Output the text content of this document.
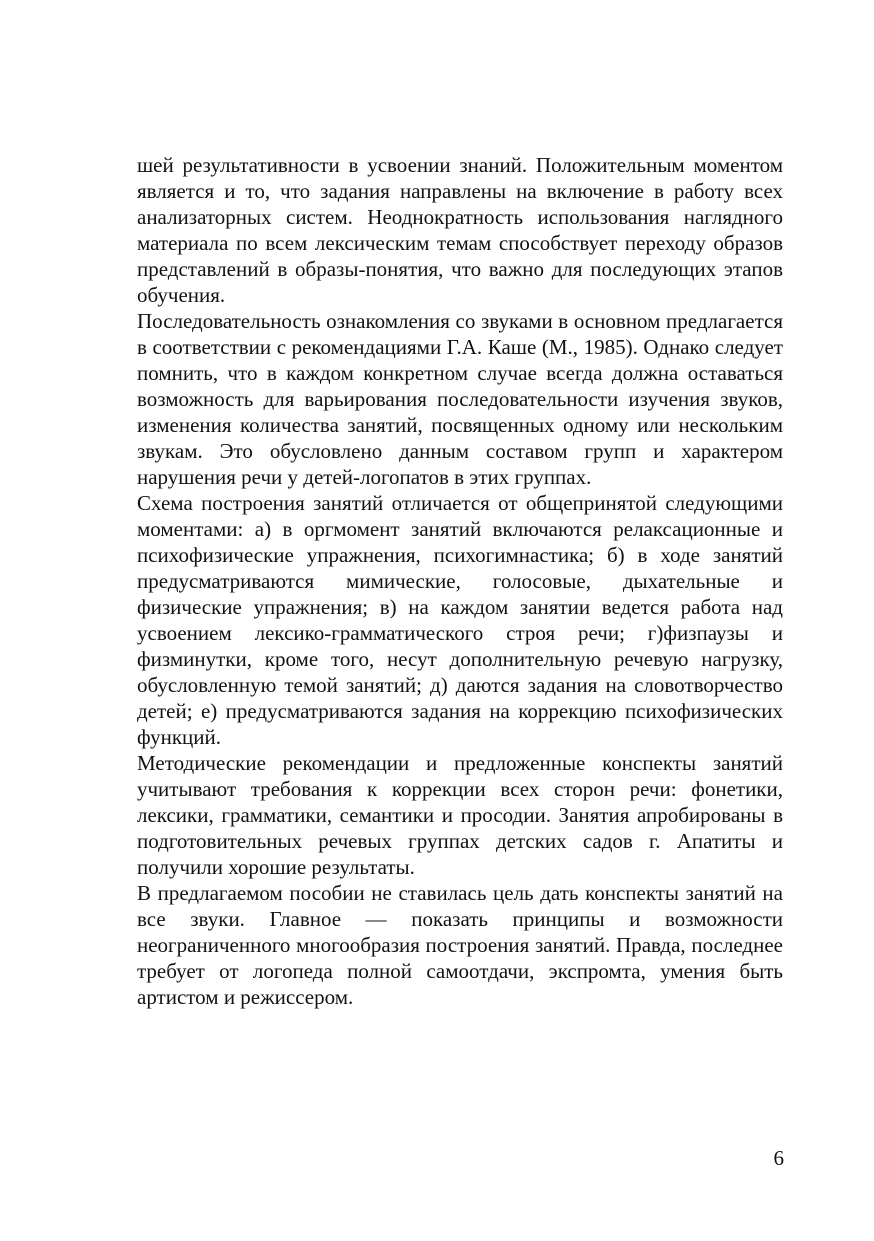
шей результативности в усвоении знаний. Положительным моментом является и то, что задания направлены на включение в работу всех анализаторных систем. Неоднократность использования наглядного материала по всем лексическим темам способствует переходу образов представлений в образы-понятия, что важно для последующих этапов обучения.

Последовательность ознакомления со звуками в основном предлагается в соответствии с рекомендациями Г.А. Каше (М., 1985). Однако следует помнить, что в каждом конкретном случае всегда должна оставаться возможность для варьирования последовательности изучения звуков, изменения количества занятий, посвященных одному или нескольким звукам. Это обусловлено данным составом групп и характером нарушения речи у детей-логопатов в этих группах.

Схема построения занятий отличается от общепринятой следующими моментами: а) в оргмомент занятий включаются релаксационные и психофизические упражнения, психогимнастика; б) в ходе занятий предусматриваются мимические, голосовые, дыхательные и физические упражнения; в) на каждом занятии ведется работа над усвоением лексико-грамматического строя речи; г)физпаузы и физминутки, кроме того, несут дополнительную речевую нагрузку, обусловленную темой занятий; д) даются задания на словотворчество детей; е) предусматриваются задания на коррекцию психофизических функций.

Методические рекомендации и предложенные конспекты занятий учитывают требования к коррекции всех сторон речи: фонетики, лексики, грамматики, семантики и просодии. Занятия апробированы в подготовительных речевых группах детских садов г. Апатиты и получили хорошие результаты.

В предлагаемом пособии не ставилась цель дать конспекты занятий на все звуки. Главное — показать принципы и возможности неограниченного многообразия построения занятий. Правда, последнее требует от логопеда полной самоотдачи, экспромта, умения быть артистом и режиссером.

6
